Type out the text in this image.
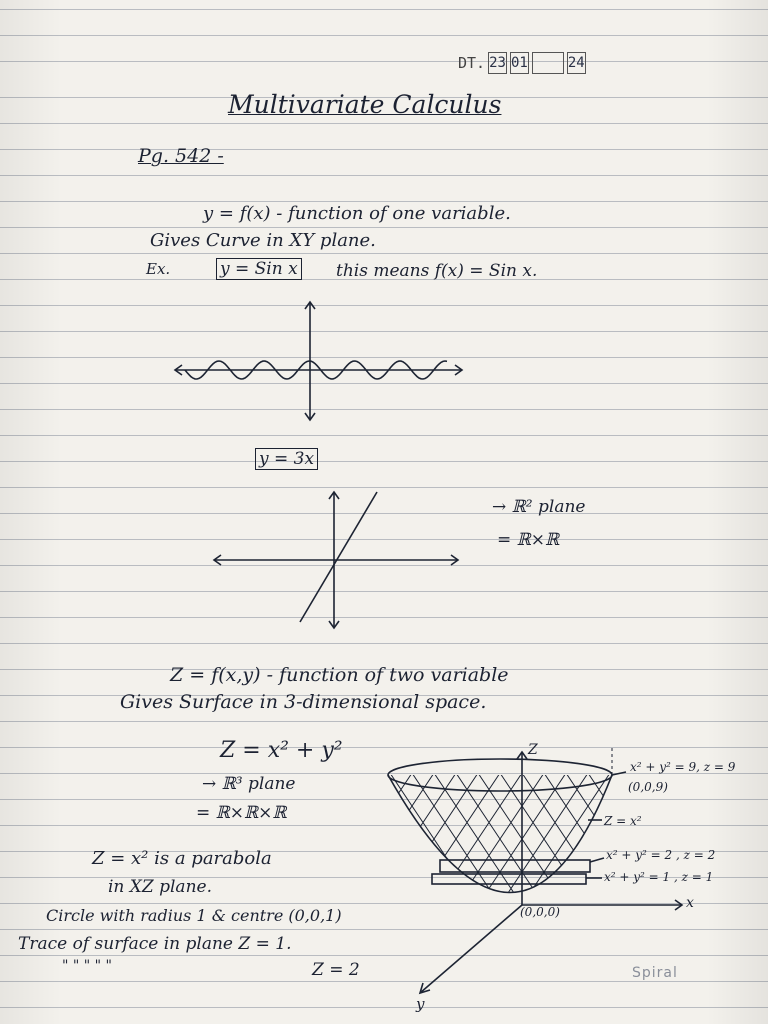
DT. 23 01	24
Multivariate Calculus
Pg. 542 -
y = f(x) - function of one variable.
Gives Curve in XY plane.
Ex.	y = Sin x this means f(x) = Sin x.
y = 3x
→ ℝ² plane
= ℝ×ℝ
Z = f(x,y) - function of two variable
Gives Surface in 3-dimensional space.
Z = x² + y²
→ ℝ³ plane
= ℝ×ℝ×ℝ
Z = x² is a parabola
in XZ plane.
Circle with radius 1 & centre (0,0,1)
Trace of surface in plane Z = 1.
" " " " "	Z = 2
Z
x
y
x² + y² = 9, z = 9
(0,0,9)
Z = x²
x² + y² = 2 , z = 2
x² + y² = 1 , z = 1
(0,0,0)
Spiral
